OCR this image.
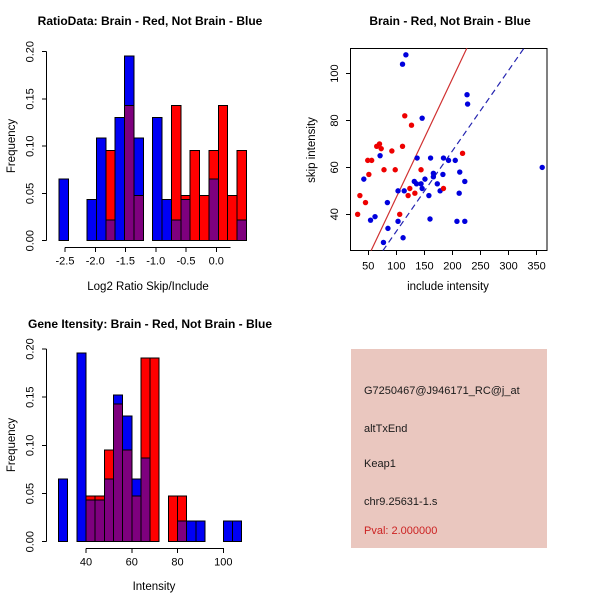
0.00
0.05
0.10
0.15
0.20
-2.5 -2.0 -1.5 -1.0 -0.5 0.0	50 100 150 200 250 300 350
40
60
80
100
0.00
0.05
0.10
0.15
0.20
40	60	80	100
RatioData: Brain - Red, Not Brain - Blue	Brain - Red, Not Brain - Blue
Gene Itensity: Brain - Red, Not Brain - Blue
Log2 Ratio Skip/Include	include intensity
Intensity
Frequency	skip intensity
Frequency
G7250467@J946171_RC@j_at
altTxEnd
Keap1
chr9.25631-1.s
Pval: 2.000000
